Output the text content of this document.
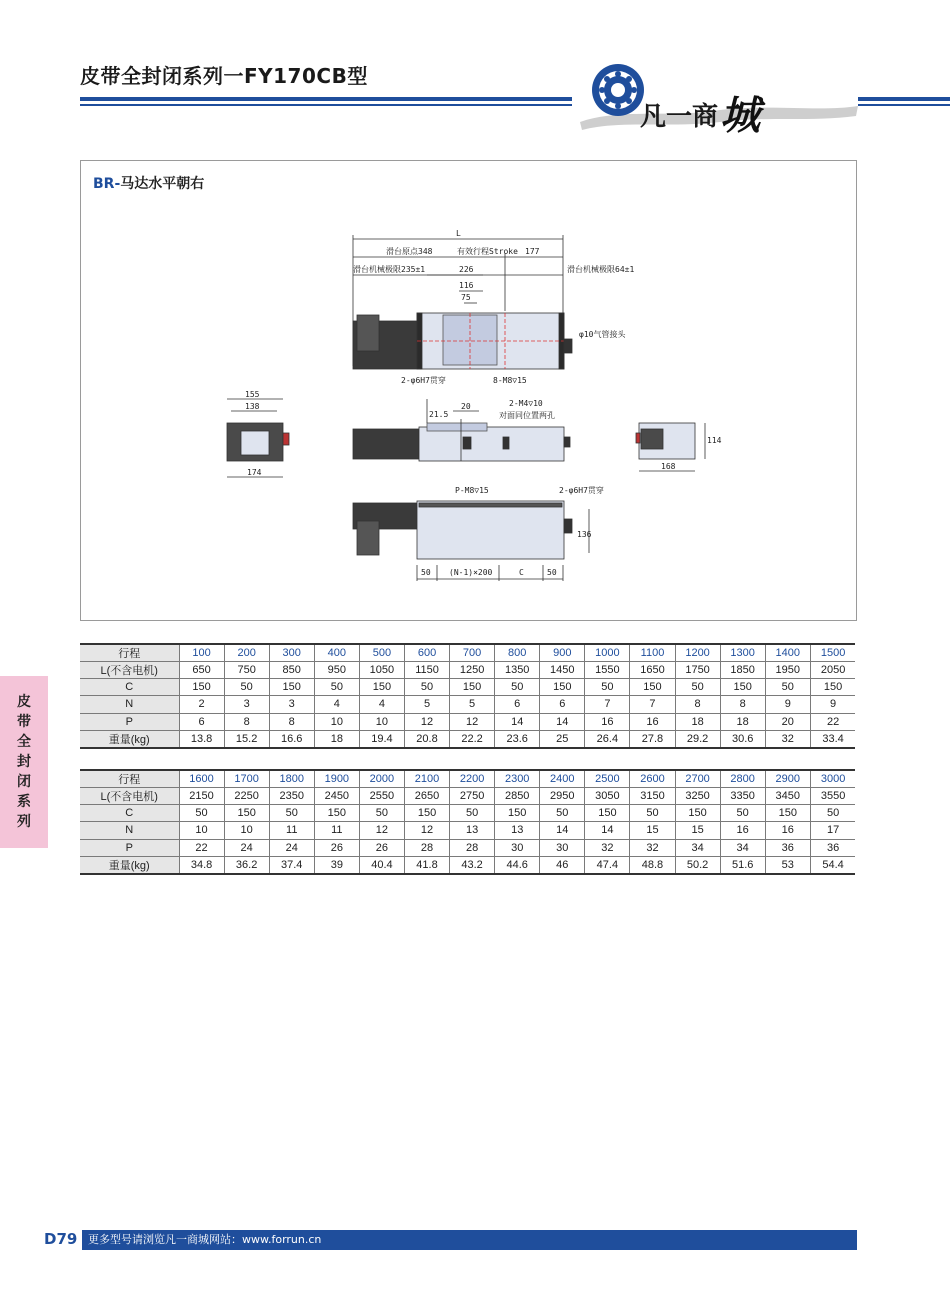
皮带全封闭系列一FY170CB型
凡一商城
BR-马达水平朝右
L
滑台原点348	有效行程Stroke 177
滑台机械极限235±1	226	滑台机械极限64±1
116
75
φ10气管接头
2-φ6H7贯穿	8-M8▽15
155
138
174
21.5
20	2-M4▽10
对面同位置两孔
114
168
P-M8▽15	2-φ6H7贯穿
136
50 (N-1)×200	C	50
行程	100	200	300	400	500	600	700	800	900	1000	1100	1200	1300	1400	1500
L(不含电机)	650	750	850	950	1050	1150	1250	1350	1450	1550	1650	1750	1850	1950	2050
C	150	50	150	50	150	50	150	50	150	50	150	50	150	50	150
N	2	3	3	4	4	5	5	6	6	7	7	8	8	9	9
P	6	8	8	10	10	12	12	14	14	16	16	18	18	20	22
重量(kg)	13.8	15.2	16.6	18	19.4	20.8	22.2	23.6	25	26.4	27.8	29.2	30.6	32	33.4
行程	1600	1700	1800	1900	2000	2100	2200	2300	2400	2500	2600	2700	2800	2900	3000
L(不含电机)	2150	2250	2350	2450	2550	2650	2750	2850	2950	3050	3150	3250	3350	3450	3550
C	50	150	50	150	50	150	50	150	50	150	50	150	50	150	50
N	10	10	11	11	12	12	13	13	14	14	15	15	16	16	17
P	22	24	24	26	26	28	28	30	30	32	32	34	34	36	36
重量(kg)	34.8	36.2	37.4	39	40.4	41.8	43.2	44.6	46	47.4	48.8	50.2	51.6	53	54.4
皮
带
全
封
闭
系
列
D79 更多型号请浏览凡一商城网站：www.forrun.cn
